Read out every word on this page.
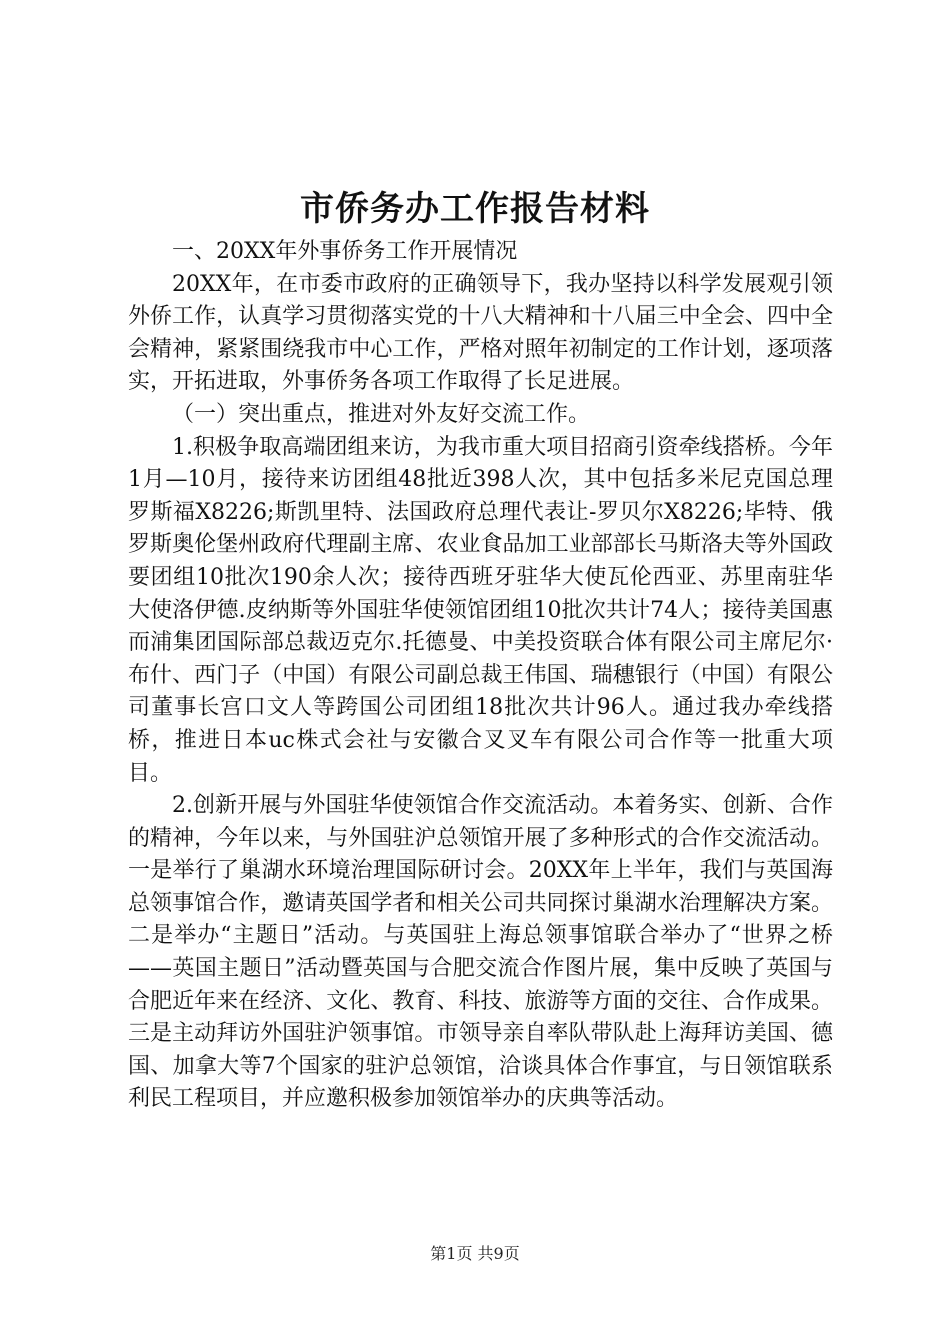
市侨务办工作报告材料

一、20XX年外事侨务工作开展情况

20XX年，在市委市政府的正确领导下，我办坚持以科学发展观引领外侨工作，认真学习贯彻落实党的十八大精神和十八届三中全会、四中全会精神，紧紧围绕我市中心工作，严格对照年初制定的工作计划，逐项落实，开拓进取，外事侨务各项工作取得了长足进展。

（一）突出重点，推进对外友好交流工作。

1.积极争取高端团组来访，为我市重大项目招商引资牵线搭桥。今年1月—10月，接待来访团组48批近398人次，其中包括多米尼克国总理罗斯福X8226;斯凯里特、法国政府总理代表让-罗贝尔X8226;毕特、俄罗斯奥伦堡州政府代理副主席、农业食品加工业部部长马斯洛夫等外国政要团组10批次190余人次；接待西班牙驻华大使瓦伦西亚、苏里南驻华大使洛伊德.皮纳斯等外国驻华使领馆团组10批次共计74人；接待美国惠而浦集团国际部总裁迈克尔.托德曼、中美投资联合体有限公司主席尼尔·布什、西门子（中国）有限公司副总裁王伟国、瑞穗银行（中国）有限公司董事长宫口文人等跨国公司团组18批次共计96人。通过我办牵线搭桥，推进日本uc株式会社与安徽合叉叉车有限公司合作等一批重大项目。

2.创新开展与外国驻华使领馆合作交流活动。本着务实、创新、合作的精神，今年以来，与外国驻沪总领馆开展了多种形式的合作交流活动。一是举行了巢湖水环境治理国际研讨会。20XX年上半年，我们与英国海总领事馆合作，邀请英国学者和相关公司共同探讨巢湖水治理解决方案。二是举办“主题日”活动。与英国驻上海总领事馆联合举办了“世界之桥——英国主题日”活动暨英国与合肥交流合作图片展，集中反映了英国与合肥近年来在经济、文化、教育、科技、旅游等方面的交往、合作成果。三是主动拜访外国驻沪领事馆。市领导亲自率队带队赴上海拜访美国、德国、加拿大等7个国家的驻沪总领馆，洽谈具体合作事宜，与日领馆联系利民工程项目，并应邀积极参加领馆举办的庆典等活动。

第1页 共9页
